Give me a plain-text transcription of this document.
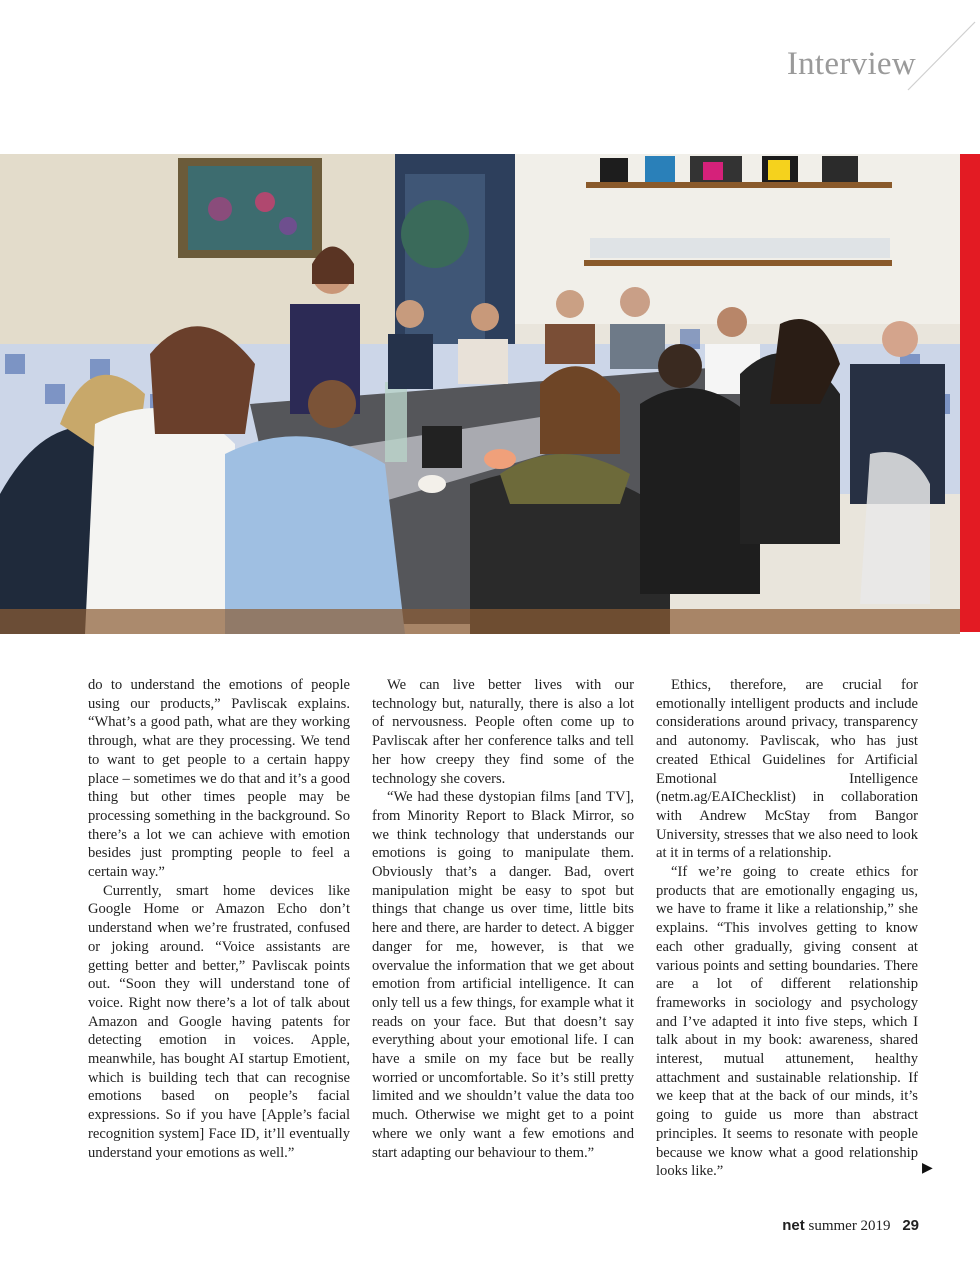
Interview

do to understand the emotions of people using our products,” Pavliscak explains. “What’s a good path, what are they working through, what are they processing. We tend to want to get people to a certain happy place – sometimes we do that and it’s a good thing but other times people may be processing something in the background. So there’s a lot we can achieve with emotion besides just prompting people to feel a certain way.”

Currently, smart home devices like Google Home or Amazon Echo don’t understand when we’re frustrated, confused or joking around. “Voice assistants are getting better and better,” Pavliscak points out. “Soon they will understand tone of voice. Right now there’s a lot of talk about Amazon and Google having patents for detecting emotion in voices. Apple, meanwhile, has bought AI startup Emotient, which is building tech that can recognise emotions based on people’s facial expressions. So if you have [Apple’s facial recognition system] Face ID, it’ll eventually understand your emotions as well.”

We can live better lives with our technology but, naturally, there is also a lot of nervousness. People often come up to Pavliscak after her conference talks and tell her how creepy they find some of the technology she covers.

“We had these dystopian films [and TV], from Minority Report to Black Mirror, so we think technology that understands our emotions is going to manipulate them. Obviously that’s a danger. Bad, overt manipulation might be easy to spot but things that change us over time, little bits here and there, are harder to detect. A bigger danger for me, however, is that we overvalue the information that we get about emotion from artificial intelligence. It can only tell us a few things, for example what it reads on your face. But that doesn’t say everything about your emotional life. I can have a smile on my face but be really worried or uncomfortable. So it’s still pretty limited and we shouldn’t value the data too much. Otherwise we might get to a point where we only want a few emotions and start adapting our behaviour to them.”

Ethics, therefore, are crucial for emotionally intelligent products and include considerations around privacy, transparency and autonomy. Pavliscak, who has just created Ethical Guidelines for Artificial Emotional Intelligence (netm.ag/EAIChecklist) in collaboration with Andrew McStay from Bangor University, stresses that we also need to look at it in terms of a relationship.

“If we’re going to create ethics for products that are emotionally engaging us, we have to frame it like a relationship,” she explains. “This involves getting to know each other gradually, giving consent at various points and setting boundaries. There are a lot of different relationship frameworks in sociology and psychology and I’ve adapted it into five steps, which I talk about in my book: awareness, shared interest, mutual attunement, healthy attachment and sustainable relationship. If we keep that at the back of our minds, it’s going to guide us more than abstract principles. It seems to resonate with people because we know what a good relationship looks like.”	▶
net summer 2019 29
